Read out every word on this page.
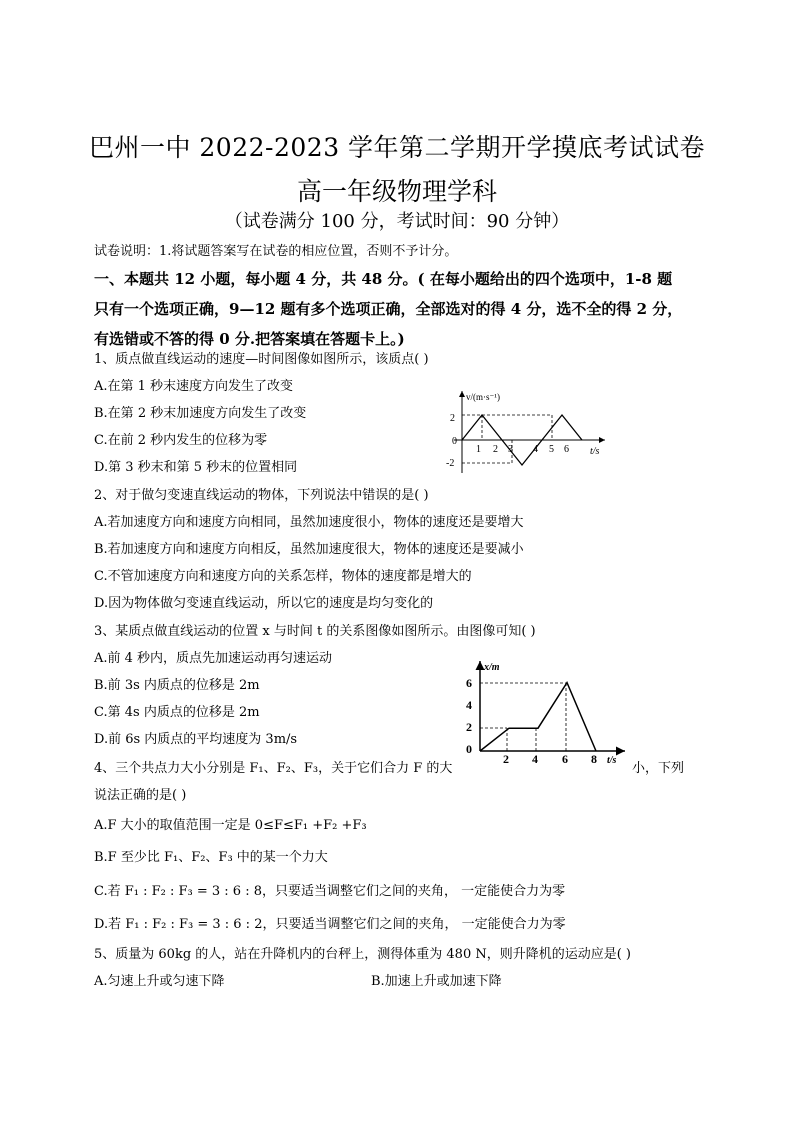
巴州一中 2022-2023 学年第二学期开学摸底考试试卷
高一年级物理学科
（试卷满分 100 分，考试时间：90 分钟）
试卷说明：1.将试题答案写在试卷的相应位置，否则不予计分。
一、本题共 12 小题，每小题 4 分，共 48 分。( 在每小题给出的四个选项中，1-8 题
只有一个选项正确，9—12 题有多个选项正确，全部选对的得 4 分，选不全的得 2 分，
有选错或不答的得 0 分.把答案填在答题卡上。)
1、质点做直线运动的速度—时间图像如图所示，该质点( )
A.在第 1 秒末速度方向发生了改变
B.在第 2 秒末加速度方向发生了改变
C.在前 2 秒内发生的位移为零
D.第 3 秒末和第 5 秒末的位置相同
v/(m·s⁻¹)
t/s
2
0
-2
1 2 3 4 5 6
2、对于做匀变速直线运动的物体，下列说法中错误的是( )
A.若加速度方向和速度方向相同，虽然加速度很小，物体的速度还是要增大
B.若加速度方向和速度方向相反，虽然加速度很大，物体的速度还是要减小
C.不管加速度方向和速度方向的关系怎样，物体的速度都是增大的
D.因为物体做匀变速直线运动，所以它的速度是均匀变化的
3、某质点做直线运动的位置 x 与时间 t 的关系图像如图所示。由图像可知( )
A.前 4 秒内，质点先加速运动再匀速运动
B.前 3s 内质点的位移是 2m
C.第 4s 内质点的位移是 2m
D.前 6s 内质点的平均速度为 3m/s
x/m
t/s
6
4
2
0
2 4 6 8
4、三个共点力大小分别是 F₁、F₂、F₃，关于它们合力 F 的大	小，下列
说法正确的是( )
A.F 大小的取值范围一定是 0≤F≤F₁ +F₂ +F₃
B.F 至少比 F₁、F₂、F₃ 中的某一个力大
C.若 F₁ : F₂ : F₃ = 3 : 6 : 8，只要适当调整它们之间的夹角， 一定能使合力为零
D.若 F₁ : F₂ : F₃ = 3 : 6 : 2，只要适当调整它们之间的夹角， 一定能使合力为零
5、质量为 60kg 的人，站在升降机内的台秤上，测得体重为 480 N，则升降机的运动应是( )
A.匀速上升或匀速下降	B.加速上升或加速下降
